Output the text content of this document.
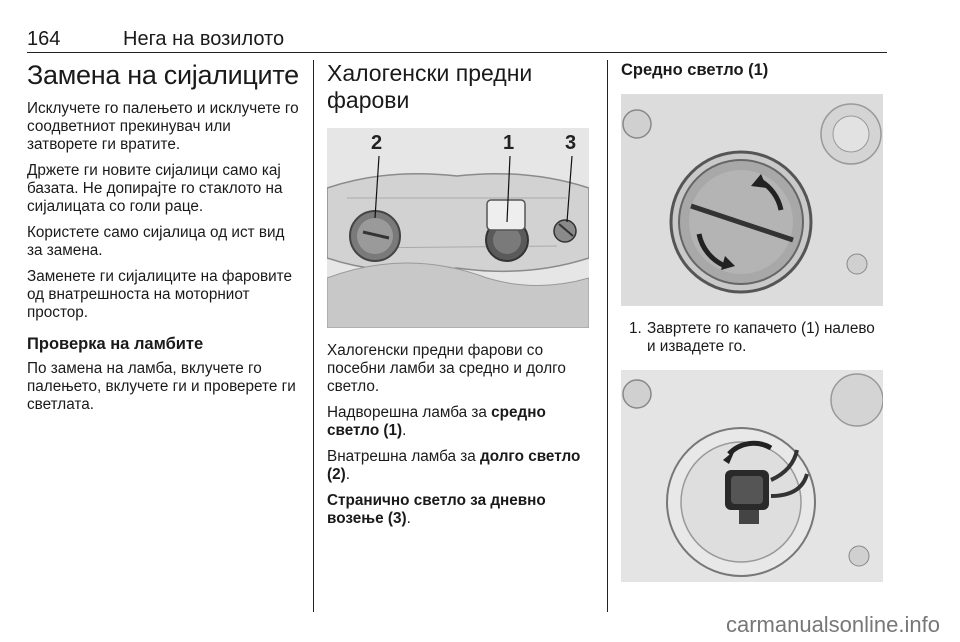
164	Нега на возилото
Замена на сијалиците

Исклучете го палењето и исклучете го соодветниот прекинувач или затворете ги вратите.

Држете ги новите сијалици само кај базата. Не допирајте го стаклото на сијалицата со голи раце.

Користете само сијалица од ист вид за замена.

Заменете ги сијалиците на фаровите од внатрешноста на моторниот простор.

Проверка на ламбите

По замена на ламба, вклучете го палењето, вклучете ги и проверете ги светлата.

Халогенски предни фарови
2	1	3

Халогенски предни фарови со посебни ламби за средно и долго светло.

Надворешна ламба за средно светло (1).

Внатрешна ламба за долго светло (2).

Странично светло за дневно возење (3).

Средно светло (1)
1. Завртете го капачето (1) налево и извадете го.
carmanualsonline.info
